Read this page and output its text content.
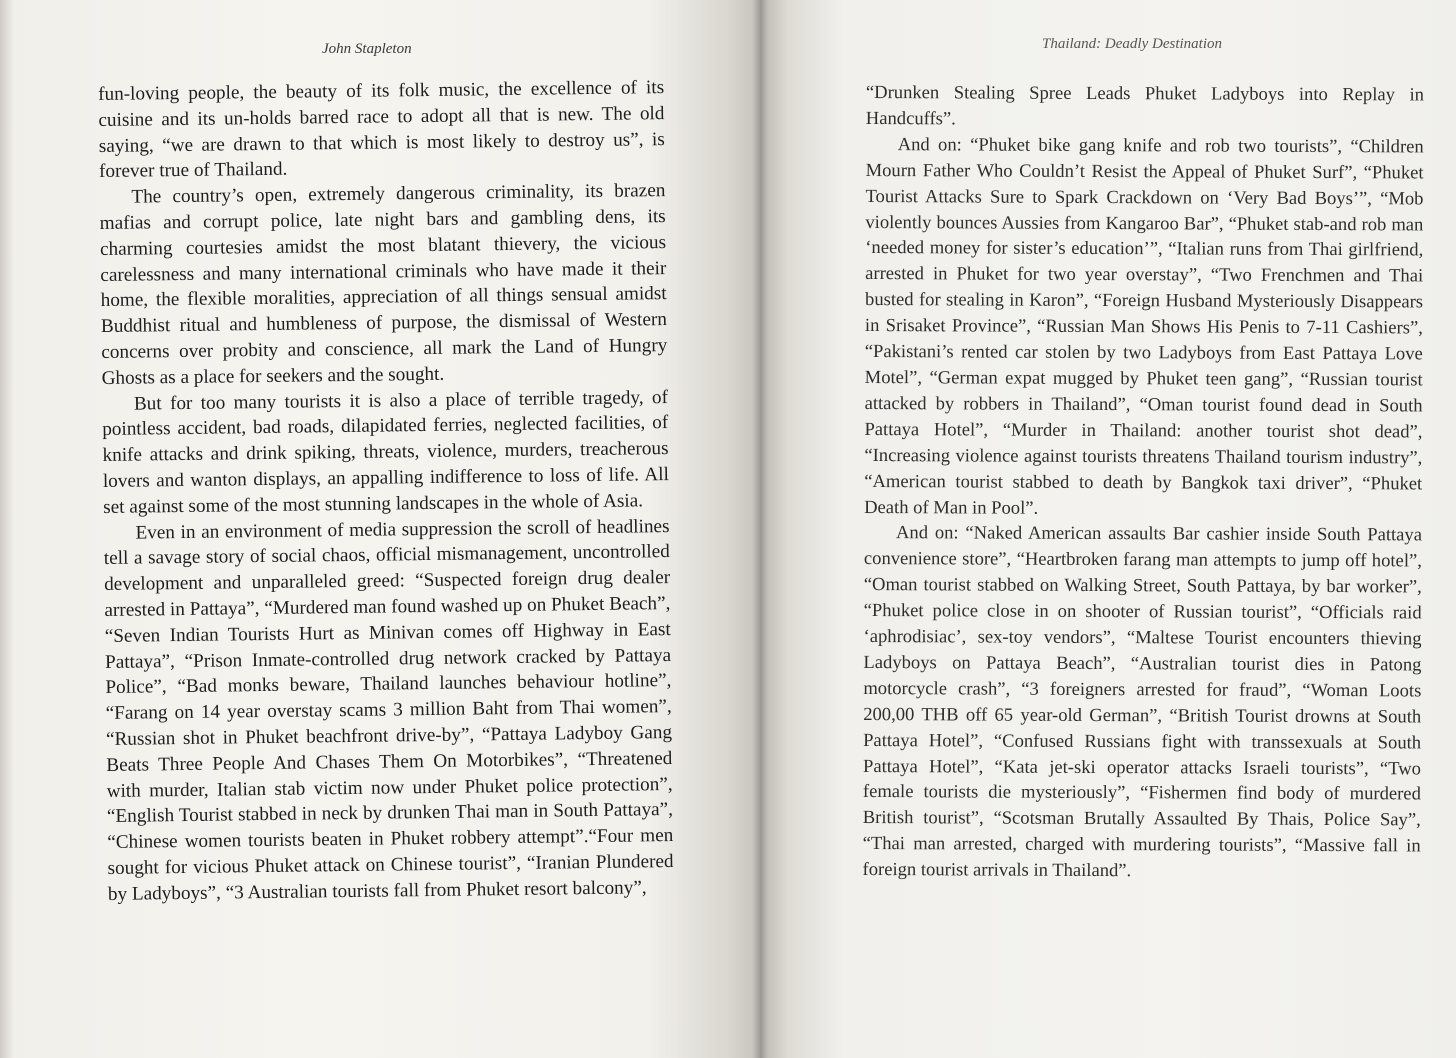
John Stapleton

fun-loving people, the beauty of its folk music, the excellence of its cuisine and its un-holds barred race to adopt all that is new. The old saying, “we are drawn to that which is most likely to destroy us”, is forever true of Thailand.

The country’s open, extremely dangerous criminality, its brazen mafias and corrupt police, late night bars and gambling dens, its charming courtesies amidst the most blatant thievery, the vicious carelessness and many international criminals who have made it their home, the flexible moralities, appreciation of all things sensual amidst Buddhist ritual and humbleness of purpose, the dismissal of Western concerns over probity and conscience, all mark the Land of Hungry Ghosts as a place for seekers and the sought.

But for too many tourists it is also a place of terrible tragedy, of pointless accident, bad roads, dilapidated ferries, neglected facilities, of knife attacks and drink spiking, threats, violence, murders, treacherous lovers and wanton displays, an appalling indifference to loss of life. All set against some of the most stunning landscapes in the whole of Asia.

Even in an environment of media suppression the scroll of headlines tell a savage story of social chaos, official mismanagement, uncontrolled development and unparalleled greed: “Suspected foreign drug dealer arrested in Pattaya”, “Murdered man found washed up on Phuket Beach”, “Seven Indian Tourists Hurt as Minivan comes off Highway in East Pattaya”, “Prison Inmate-controlled drug network cracked by Pattaya Police”, “Bad monks beware, Thailand launches behaviour hotline”, “Farang on 14 year overstay scams 3 million Baht from Thai women”, “Russian shot in Phuket beachfront drive-by”, “Pattaya Ladyboy Gang Beats Three People And Chases Them On Motorbikes”, “Threatened with murder, Italian stab victim now under Phuket police protection”, “English Tourist stabbed in neck by drunken Thai man in South Pattaya”, “Chinese women tourists beaten in Phuket robbery attempt”.“Four men sought for vicious Phuket attack on Chinese tourist”, “Iranian Plundered by Ladyboys”, “3 Australian tourists fall from Phuket resort balcony”,

Thailand: Deadly Destination

“Drunken Stealing Spree Leads Phuket Ladyboys into Replay in Handcuffs”.

And on: “Phuket bike gang knife and rob two tourists”, “Children Mourn Father Who Couldn’t Resist the Appeal of Phuket Surf”, “Phuket Tourist Attacks Sure to Spark Crackdown on ‘Very Bad Boys’”, “Mob violently bounces Aussies from Kangaroo Bar”, “Phuket stab-and rob man ‘needed money for sister’s education’”, “Italian runs from Thai girlfriend, arrested in Phuket for two year overstay”, “Two Frenchmen and Thai busted for stealing in Karon”, “Foreign Husband Mysteriously Disappears in Srisaket Province”, “Russian Man Shows His Penis to 7-11 Cashiers”, “Pakistani’s rented car stolen by two Ladyboys from East Pattaya Love Motel”, “German expat mugged by Phuket teen gang”, “Russian tourist attacked by robbers in Thailand”, “Oman tourist found dead in South Pattaya Hotel”, “Murder in Thailand: another tourist shot dead”, “Increasing violence against tourists threatens Thailand tourism industry”, “American tourist stabbed to death by Bangkok taxi driver”, “Phuket Death of Man in Pool”.

And on: “Naked American assaults Bar cashier inside South Pattaya convenience store”, “Heartbroken farang man attempts to jump off hotel”, “Oman tourist stabbed on Walking Street, South Pattaya, by bar worker”, “Phuket police close in on shooter of Russian tourist”, “Officials raid ‘aphrodisiac’, sex-toy vendors”, “Maltese Tourist encounters thieving Ladyboys on Pattaya Beach”, “Australian tourist dies in Patong motorcycle crash”, “3 foreigners arrested for fraud”, “Woman Loots 200,00 THB off 65 year-old German”, “British Tourist drowns at South Pattaya Hotel”, “Confused Russians fight with transsexuals at South Pattaya Hotel”, “Kata jet-ski operator attacks Israeli tourists”, “Two female tourists die mysteriously”, “Fishermen find body of murdered British tourist”, “Scotsman Brutally Assaulted By Thais, Police Say”, “Thai man arrested, charged with murdering tourists”, “Massive fall in foreign tourist arrivals in Thailand”.
